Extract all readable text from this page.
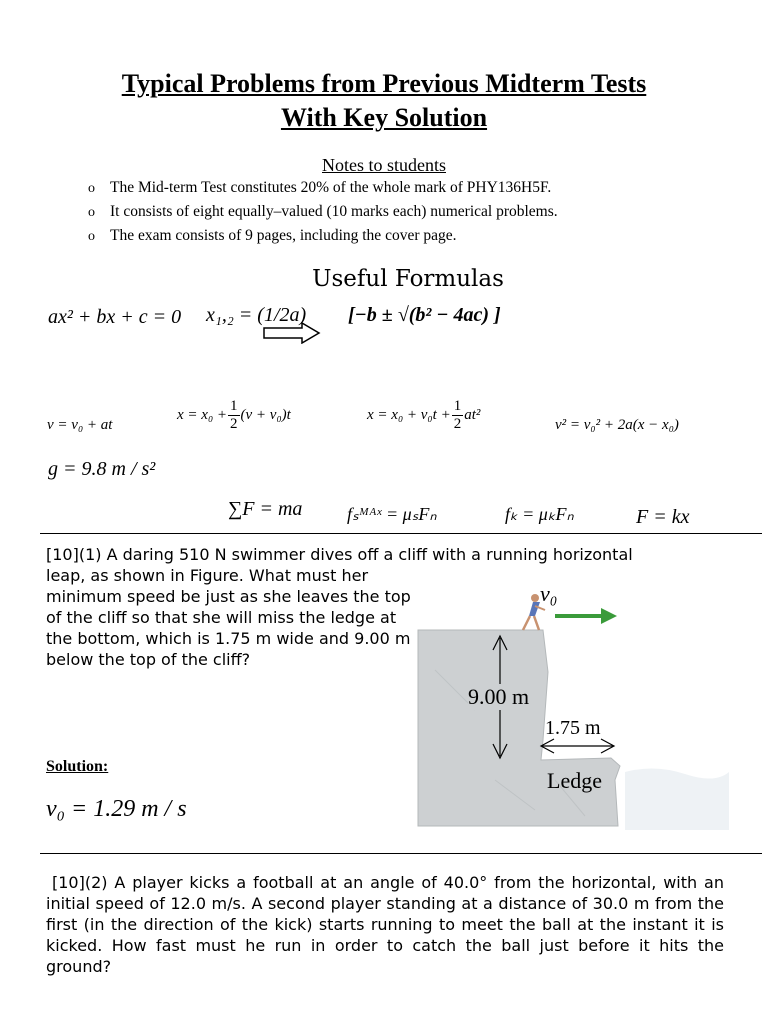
Typical Problems from Previous Midterm Tests
With Key Solution
Notes to students
o The Mid-term Test constitutes 20% of the whole mark of PHY136H5F.
o It consists of eight equally–valued (10 marks each) numerical problems.
o The exam consists of 9 pages, including the cover page.
Useful Formulas
ax² + bx + c = 0 x₁,₂ = (1/2a) [−b ± √(b² − 4ac) ]
v = v₀ + at
$x = x_0 + \frac{1}{2} (v + v_0)t$	$x = x_0 + v_0t + \frac{1}{2} at^2$
v² = v₀² + 2a(x − x₀)
g = 9.8 m / s²
∑F = ma fₛᴹᴬˣ = μₛFₙ	fₖ = μₖFₙ	F = kx
[10](1) A daring 510 N swimmer dives off a cliff with a running horizontal
leap, as shown in Figure. What must her minimum speed be just as she leaves the top of the cliff so that she will miss the ledge at the bottom, which is 1.75 m wide and 9.00 m below the top of the cliff?
Solution:
v₀ = 1.29 m / s
v₀
9.00 m
1.75 m
Ledge
[10](2) A player kicks a football at an angle of 40.0° from the horizontal, with an initial speed of 12.0 m/s. A second player standing at a distance of 30.0 m from the first (in the direction of the kick) starts running to meet the ball at the instant it is kicked. How fast must he run in order to catch the ball just before it hits the ground?
